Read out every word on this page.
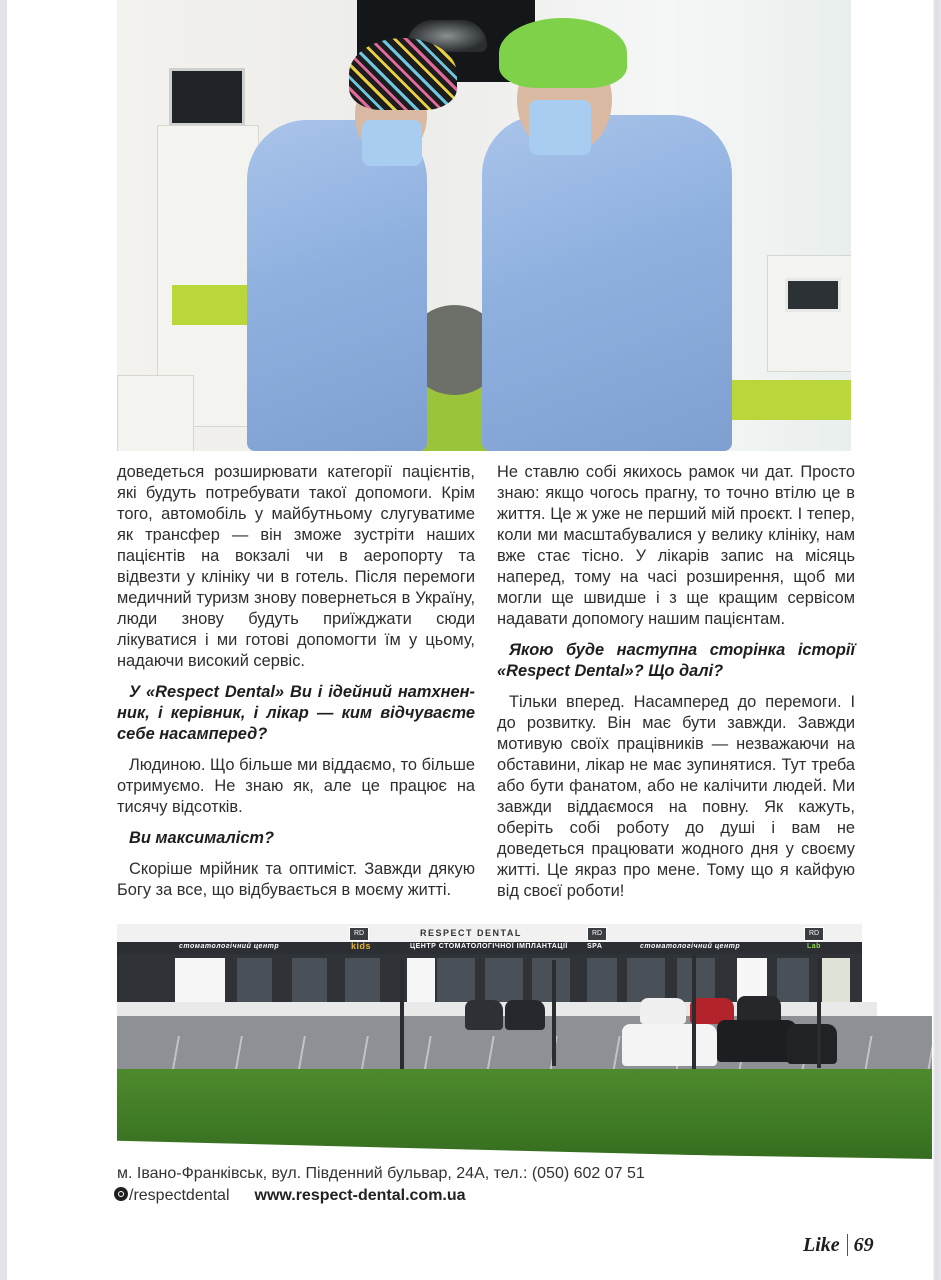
доведеться розширювати категорії пацієнтів, які будуть потребувати такої допомоги. Крім того, автомобіль у майбутньому слугуватиме як трансфер — він зможе зустріти наших пацієнтів на вокзалі чи в аеропорту та відвезти у клініку чи в готель. Після перемоги медичний туризм знову повернеться в Україну, люди знову будуть приїжджати сюди лікуватися і ми готові допомогти їм у цьому, надаючи високий сервіс.

У «Respect Dental» Ви і ідейний натхненник, і керівник, і лікар — ким відчуваєте себе насамперед?

Людиною. Що більше ми віддаємо, то більше отримуємо. Не знаю як, але це працює на тисячу відсотків.

Ви максималіст?

Скоріше мрійник та оптиміст. Завжди дякую Богу за все, що відбувається в моєму житті.

Не ставлю собі якихось рамок чи дат. Просто знаю: якщо чогось прагну, то точно втілю це в життя. Це ж уже не перший мій проєкт. І тепер, коли ми масштабувалися у велику клініку, нам вже стає тісно. У лікарів запис на місяць наперед, тому на часі розширення, щоб ми могли ще швидше і з ще кращим сервісом надавати допомогу нашим пацієнтам.

Якою буде наступна сторінка історії «Respect Dental»? Що далі?

Тільки вперед. Насамперед до перемоги. І до розвитку. Він має бути завжди. Завжди мотивую своїх працівників — незважаючи на обставини, лікар не має зупинятися. Тут треба або бути фанатом, або не калічити людей. Ми завжди віддаємося на повну. Як кажуть, оберіть собі роботу до душі і вам не доведеться працювати жодного дня у своєму житті. Це якраз про мене. Тому що я кайфую від своєї роботи!

RESPECT DENTAL
RD	RD	RD
стоматологічний центр	kids	ЦЕНТР СТОМАТОЛОГІЧНОЇ ІМПЛАНТАЦІЇ	SPA	стоматологічний центр	Lab
м. Івано-Франківськ, вул. Південний бульвар, 24А, тел.: (050) 602 07 51
/respectdental www.respect-dental.com.ua
Like 69
